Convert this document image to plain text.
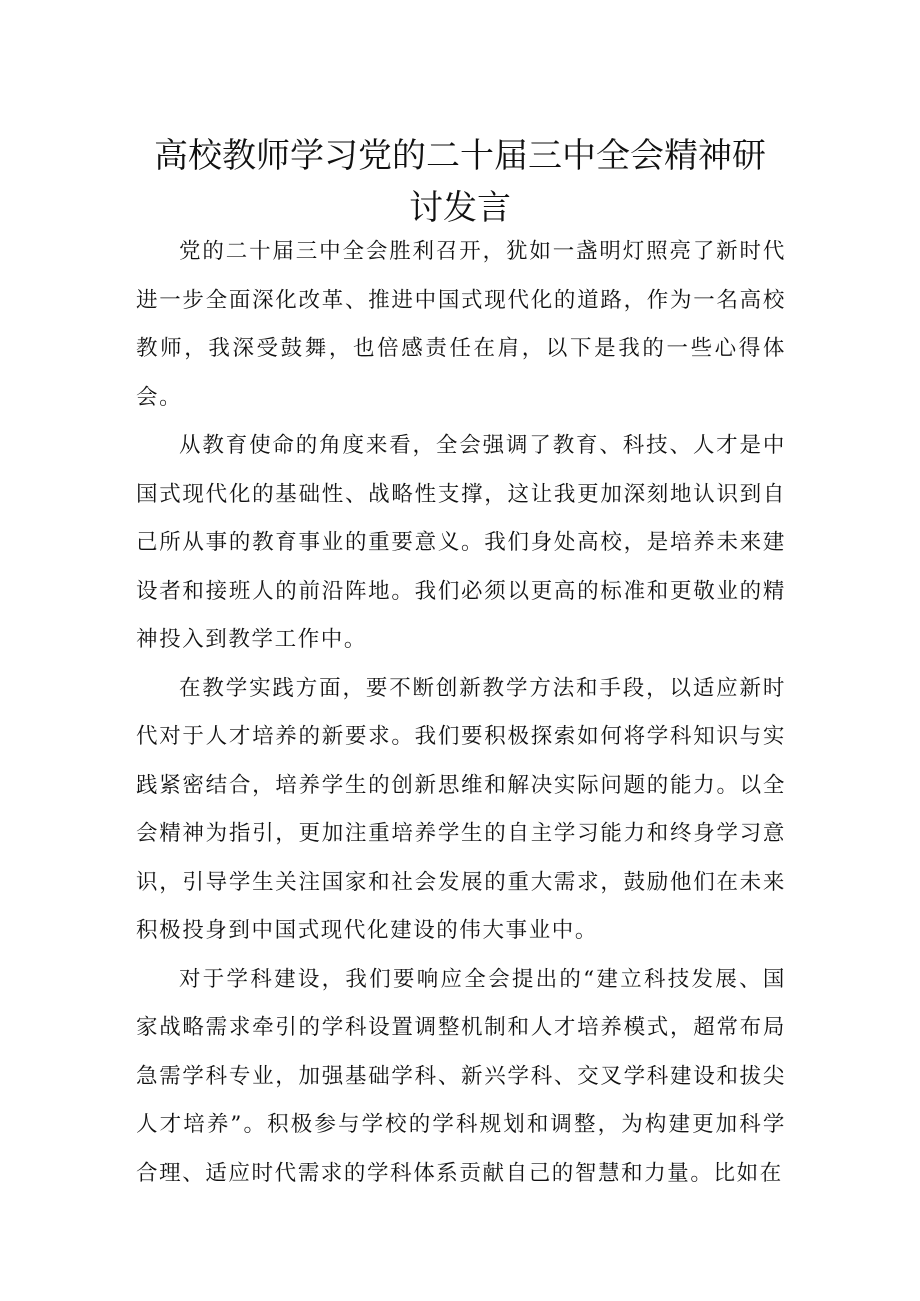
高校教师学习党的二十届三中全会精神研
讨发言

党的二十届三中全会胜利召开，犹如一盏明灯照亮了新时代进一步全面深化改革、推进中国式现代化的道路，作为一名高校教师，我深受鼓舞，也倍感责任在肩，以下是我的一些心得体会。

从教育使命的角度来看，全会强调了教育、科技、人才是中国式现代化的基础性、战略性支撑，这让我更加深刻地认识到自己所从事的教育事业的重要意义。我们身处高校，是培养未来建设者和接班人的前沿阵地。我们必须以更高的标准和更敬业的精神投入到教学工作中。

在教学实践方面，要不断创新教学方法和手段，以适应新时代对于人才培养的新要求。我们要积极探索如何将学科知识与实践紧密结合，培养学生的创新思维和解决实际问题的能力。以全会精神为指引，更加注重培养学生的自主学习能力和终身学习意识，引导学生关注国家和社会发展的重大需求，鼓励他们在未来积极投身到中国式现代化建设的伟大事业中。

对于学科建设，我们要响应全会提出的“建立科技发展、国家战略需求牵引的学科设置调整机制和人才培养模式，超常布局急需学科专业，加强基础学科、新兴学科、交叉学科建设和拔尖人才培养”。积极参与学校的学科规划和调整，为构建更加科学合理、适应时代需求的学科体系贡献自己的智慧和力量。比如在
